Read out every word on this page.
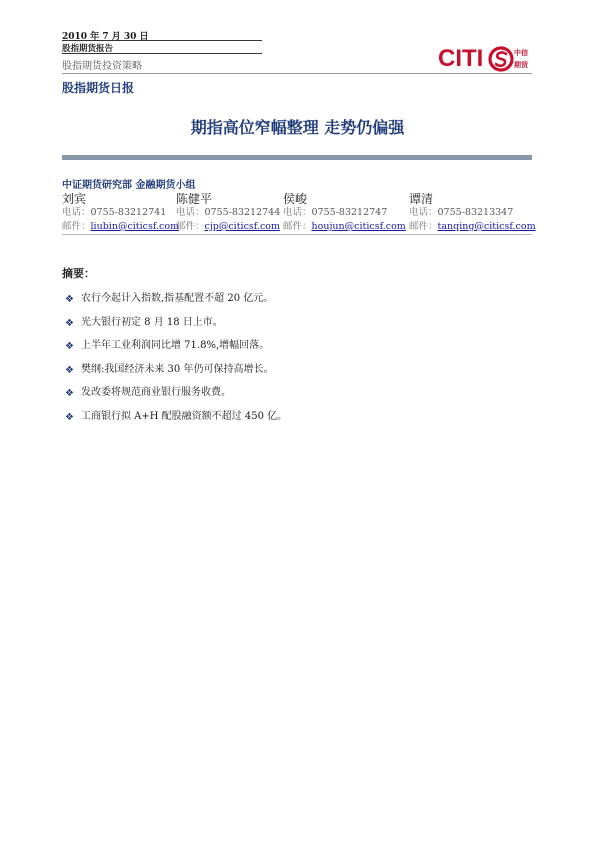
2010 年 7 月 30 日
股指期货报告
股指期货投资策略
股指期货日报
CITI	中信
期货
期指高位窄幅整理 走势仍偏强
中证期货研究部 金融期货小组
刘宾
电话：0755-83212741
邮件：liubin@citicsf.com
陈健平
电话：0755-83212744
邮件：cjp@citicsf.com
侯峻
电话：0755-83212747
邮件：houjun@citicsf.com
谭清
电话：0755-83213347
邮件：tanqing@citicsf.com
摘要：
❖ 农行今起计入指数,指基配置不超 20 亿元。
❖ 光大银行初定 8 月 18 日上市。
❖ 上半年工业利润同比增 71.8%,增幅回落。
❖ 樊纲:我国经济未来 30 年仍可保持高增长。
❖ 发改委将规范商业银行服务收费。
❖ 工商银行拟 A+H 配股融资额不超过 450 亿。
